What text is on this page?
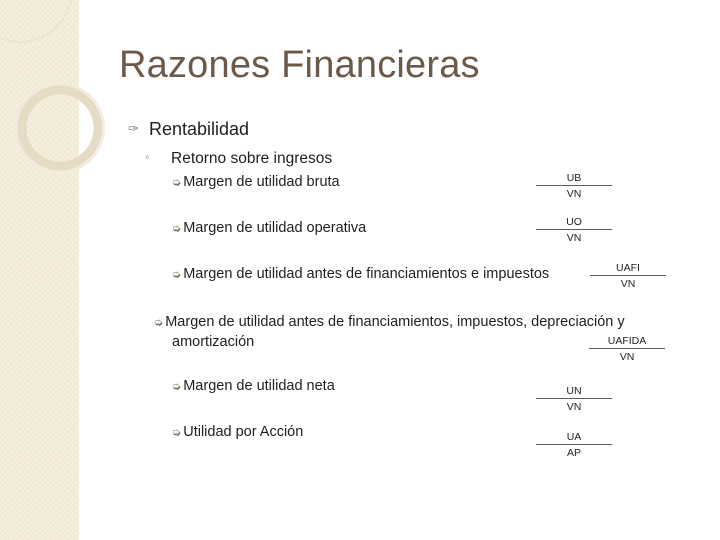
Razones Financieras
✑ Rentabilidad
◦ Retorno sobre ingresos
➭ Margen de utilidad bruta	UB
VN
➭ Margen de utilidad operativa	UO
VN
➭ Margen de utilidad antes de financiamientos e impuestos	UAFI
VN
➭ Margen de utilidad antes de financiamientos, impuestos, depreciación y amortización	UAFIDA
VN
➭ Margen de utilidad neta	UN
VN
➭ Utilidad por Acción	UA
AP
